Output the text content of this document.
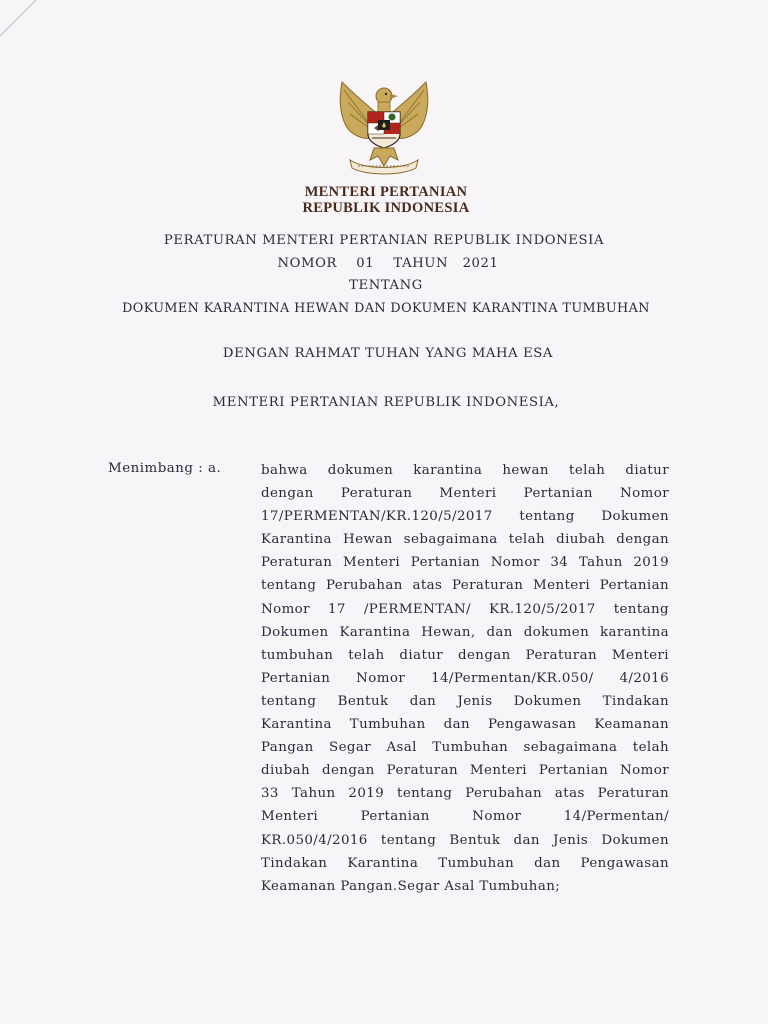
MENTERI PERTANIAN
REPUBLIK INDONESIA
PERATURAN MENTERI PERTANIAN REPUBLIK INDONESIA
NOMOR 01 TAHUN 2021
TENTANG
DOKUMEN KARANTINA HEWAN DAN DOKUMEN KARANTINA TUMBUHAN
DENGAN RAHMAT TUHAN YANG MAHA ESA
MENTERI PERTANIAN REPUBLIK INDONESIA,
Menimbang : a.	bahwa dokumen karantina hewan telah diatur
dengan Peraturan Menteri Pertanian Nomor
17/PERMENTAN/KR.120/5/2017 tentang Dokumen
Karantina Hewan sebagaimana telah diubah dengan
Peraturan Menteri Pertanian Nomor 34 Tahun 2019
tentang Perubahan atas Peraturan Menteri Pertanian
Nomor 17 /PERMENTAN/ KR.120/5/2017 tentang
Dokumen Karantina Hewan, dan dokumen karantina
tumbuhan telah diatur dengan Peraturan Menteri
Pertanian Nomor 14/Permentan/KR.050/ 4/2016
tentang Bentuk dan Jenis Dokumen Tindakan
Karantina Tumbuhan dan Pengawasan Keamanan
Pangan Segar Asal Tumbuhan sebagaimana telah
diubah dengan Peraturan Menteri Pertanian Nomor
33 Tahun 2019 tentang Perubahan atas Peraturan
Menteri Pertanian Nomor 14/Permentan/
KR.050/4/2016 tentang Bentuk dan Jenis Dokumen
Tindakan Karantina Tumbuhan dan Pengawasan
Keamanan Pangan.Segar Asal Tumbuhan;
